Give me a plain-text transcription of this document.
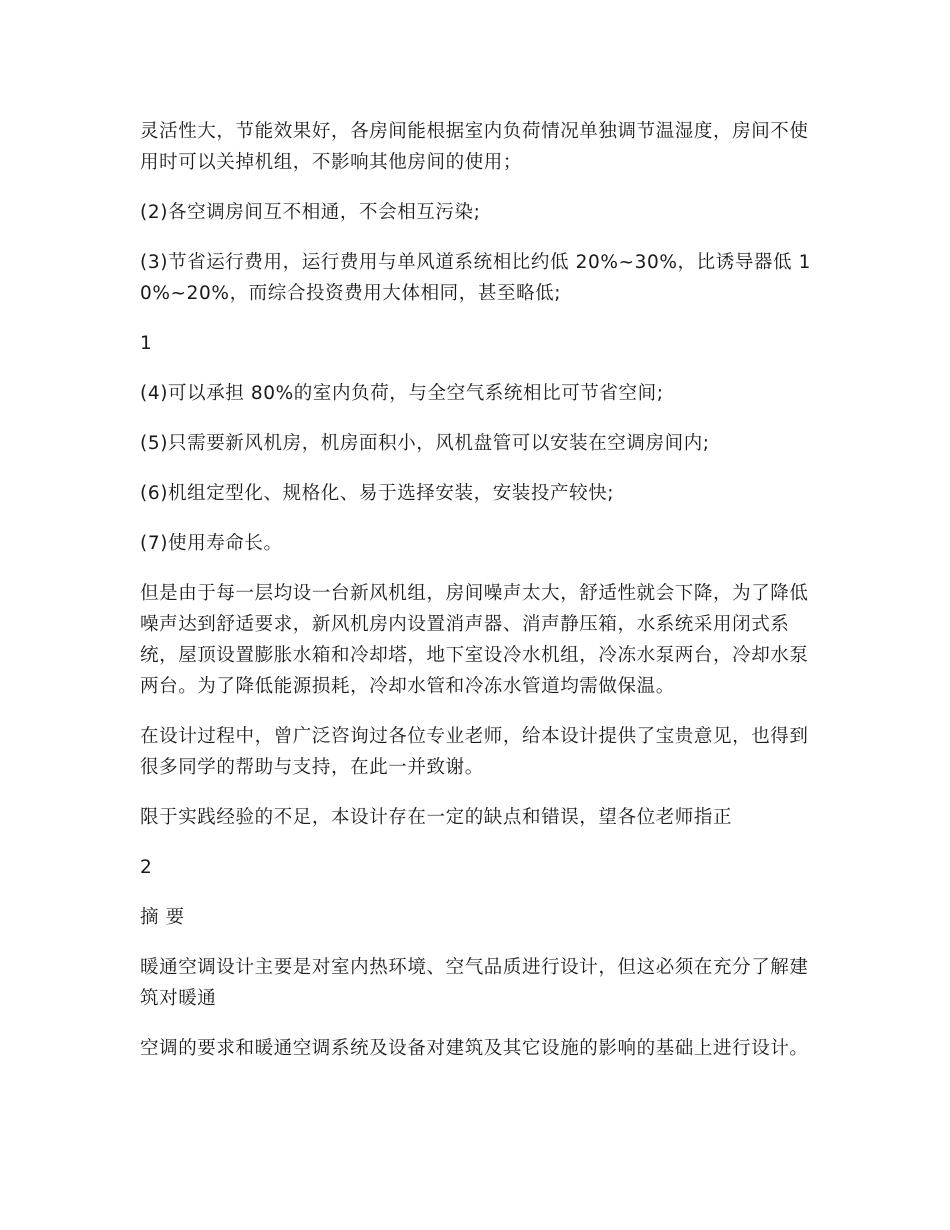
灵活性大，节能效果好，各房间能根据室内负荷情况单独调节温湿度，房间不使用时可以关掉机组，不影响其他房间的使用；

(2)各空调房间互不相通，不会相互污染;

(3)节省运行费用，运行费用与单风道系统相比约低 20%~30%，比诱导器低 10%~20%，而综合投资费用大体相同，甚至略低;

1

(4)可以承担 80%的室内负荷，与全空气系统相比可节省空间;

(5)只需要新风机房，机房面积小，风机盘管可以安装在空调房间内;

(6)机组定型化、规格化、易于选择安装，安装投产较快;

(7)使用寿命长。

但是由于每一层均设一台新风机组，房间噪声太大，舒适性就会下降，为了降低噪声达到舒适要求，新风机房内设置消声器、消声静压箱，水系统采用闭式系统，屋顶设置膨胀水箱和冷却塔，地下室设冷水机组，冷冻水泵两台，冷却水泵两台。为了降低能源损耗，冷却水管和冷冻水管道均需做保温。

在设计过程中，曾广泛咨询过各位专业老师，给本设计提供了宝贵意见，也得到很多同学的帮助与支持，在此一并致谢。

限于实践经验的不足，本设计存在一定的缺点和错误，望各位老师指正

2

摘 要

暖通空调设计主要是对室内热环境、空气品质进行设计，但这必须在充分了解建筑对暖通

空调的要求和暖通空调系统及设备对建筑及其它设施的影响的基础上进行设计。
